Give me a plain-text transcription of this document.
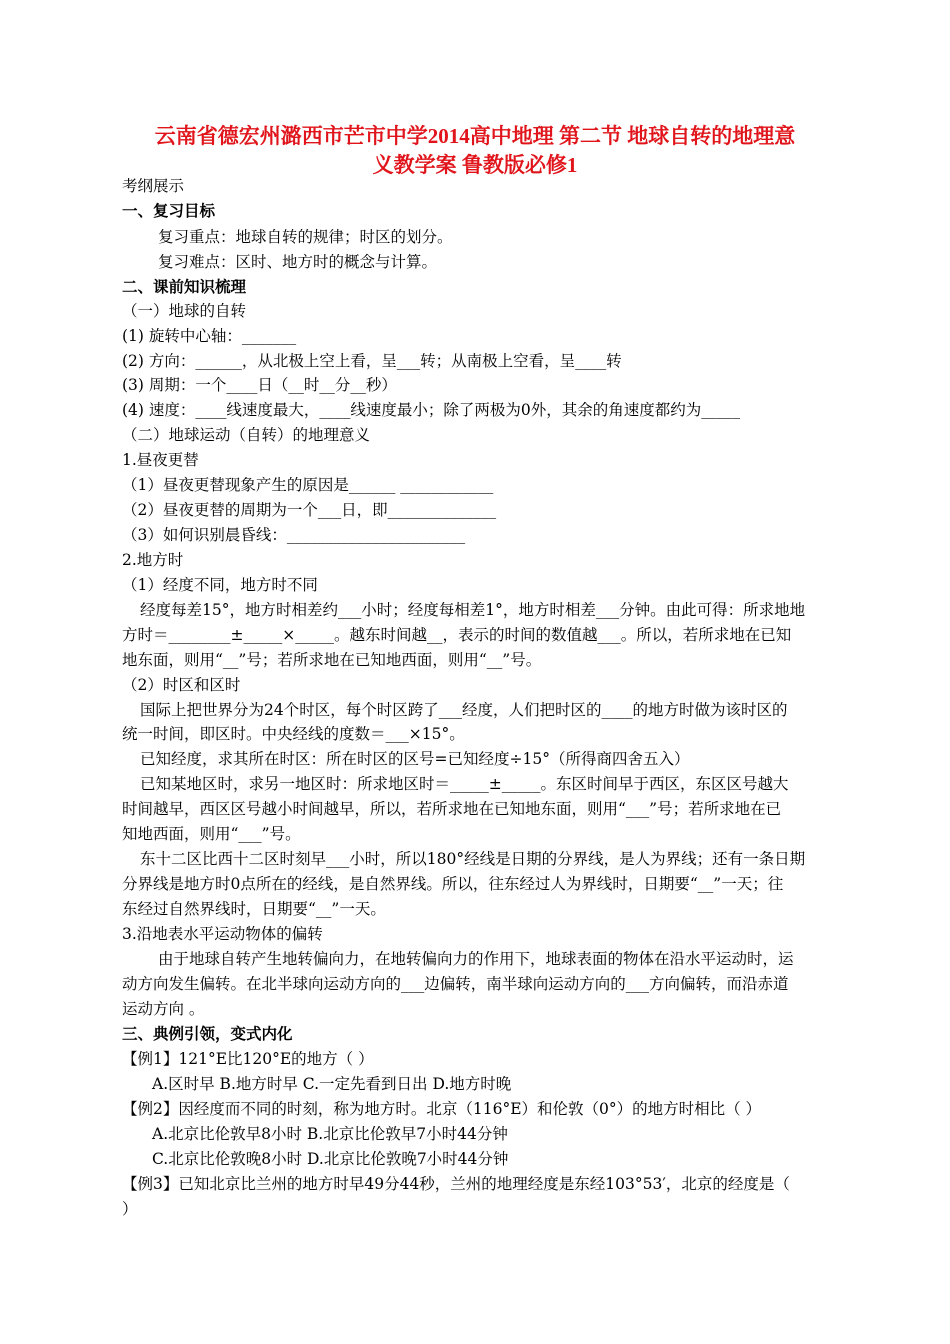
云南省德宏州潞西市芒市中学2014高中地理 第二节 地球自转的地理意
义教学案 鲁教版必修1
考纲展示
一、复习目标
复习重点：地球自转的规律；时区的划分。
复习难点：区时、地方时的概念与计算。
二、课前知识梳理
（一）地球的自转
(1) 旋转中心轴：_______
(2) 方向：______，从北极上空上看，呈___转；从南极上空看，呈____转
(3) 周期：一个____日（__时__分__秒）
(4) 速度：____线速度最大，____线速度最小；除了两极为0外，其余的角速度都约为_____
（二）地球运动（自转）的地理意义
1.昼夜更替
（1）昼夜更替现象产生的原因是______ ____________
（2）昼夜更替的周期为一个___日，即______________
（3）如何识别晨昏线：_______________________
2.地方时
（1）经度不同，地方时不同
经度每差15°，地方时相差约___小时；经度每相差1°，地方时相差___分钟。由此可得：所求地地
方时＝________±_____×_____。越东时间越__，表示的时间的数值越___。所以，若所求地在已知
地东面，则用“__”号；若所求地在已知地西面，则用“__”号。
（2）时区和区时
国际上把世界分为24个时区，每个时区跨了___经度，人们把时区的____的地方时做为该时区的
统一时间，即区时。中央经线的度数＝___×15°。
已知经度，求其所在时区：所在时区的区号=已知经度÷15°（所得商四舍五入）
已知某地区时，求另一地区时：所求地区时＝_____±_____。东区时间早于西区，东区区号越大
时间越早，西区区号越小时间越早，所以，若所求地在已知地东面，则用“___”号；若所求地在已
知地西面，则用“___”号。
东十二区比西十二区时刻早___小时，所以180°经线是日期的分界线，是人为界线；还有一条日期
分界线是地方时0点所在的经线，是自然界线。所以，往东经过人为界线时，日期要“__”一天；往
东经过自然界线时，日期要“__”一天。
3.沿地表水平运动物体的偏转
由于地球自转产生地转偏向力，在地转偏向力的作用下，地球表面的物体在沿水平运动时，运
动方向发生偏转。在北半球向运动方向的___边偏转，南半球向运动方向的___方向偏转，而沿赤道
运动方向 。
三、典例引领，变式内化
【例1】121°E比120°E的地方（ ）
A.区时早 B.地方时早 C.一定先看到日出 D.地方时晚
【例2】因经度而不同的时刻，称为地方时。北京（116°E）和伦敦（0°）的地方时相比（ ）
A.北京比伦敦早8小时 B.北京比伦敦早7小时44分钟
C.北京比伦敦晚8小时 D.北京比伦敦晚7小时44分钟
【例3】已知北京比兰州的地方时早49分44秒，兰州的地理经度是东经103°53′，北京的经度是（
）
